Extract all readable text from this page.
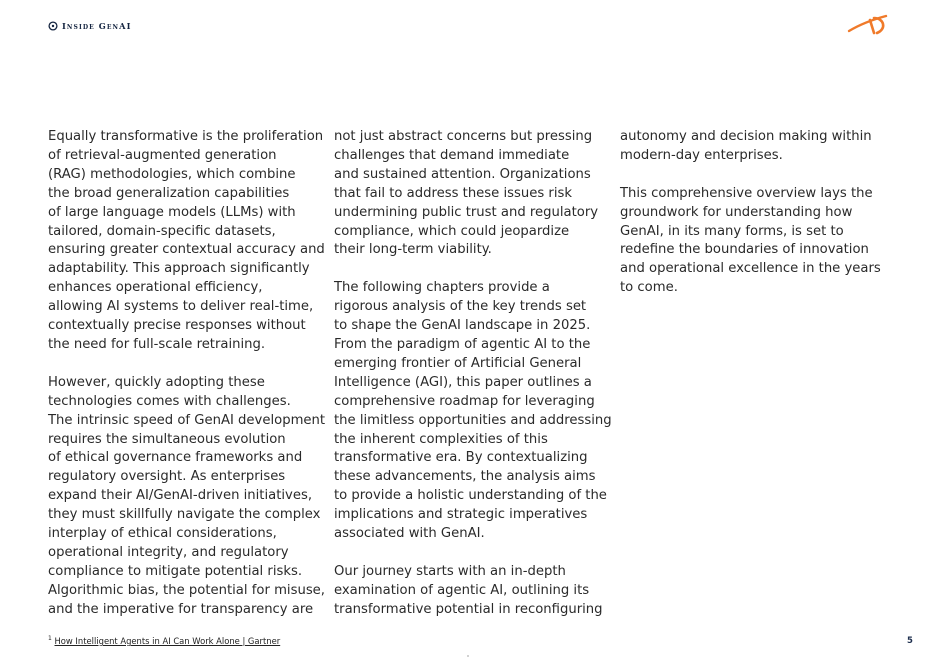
Inside GenAI

Equally transformative is the proliferation
of retrieval-augmented generation
(RAG) methodologies, which combine
the broad generalization capabilities
of large language models (LLMs) with
tailored, domain-specific datasets,
ensuring greater contextual accuracy and
adaptability. This approach significantly
enhances operational efficiency,
allowing AI systems to deliver real-time,
contextually precise responses without
the need for full-scale retraining.

However, quickly adopting these
technologies comes with challenges.
The intrinsic speed of GenAI development
requires the simultaneous evolution
of ethical governance frameworks and
regulatory oversight. As enterprises
expand their AI/GenAI-driven initiatives,
they must skillfully navigate the complex
interplay of ethical considerations,
operational integrity, and regulatory
compliance to mitigate potential risks.
Algorithmic bias, the potential for misuse,
and the imperative for transparency are

not just abstract concerns but pressing
challenges that demand immediate
and sustained attention. Organizations
that fail to address these issues risk
undermining public trust and regulatory
compliance, which could jeopardize
their long-term viability.

The following chapters provide a
rigorous analysis of the key trends set
to shape the GenAI landscape in 2025.
From the paradigm of agentic AI to the
emerging frontier of Artificial General
Intelligence (AGI), this paper outlines a
comprehensive roadmap for leveraging
the limitless opportunities and addressing
the inherent complexities of this
transformative era. By contextualizing
these advancements, the analysis aims
to provide a holistic understanding of the
implications and strategic imperatives
associated with GenAI.

Our journey starts with an in-depth
examination of agentic AI, outlining its
transformative potential in reconfiguring

autonomy and decision making within
modern-day enterprises.

This comprehensive overview lays the
groundwork for understanding how
GenAI, in its many forms, is set to
redefine the boundaries of innovation
and operational excellence in the years
to come.

$^1$ How Intelligent Agents in AI Can Work Alone | Gartner	5
